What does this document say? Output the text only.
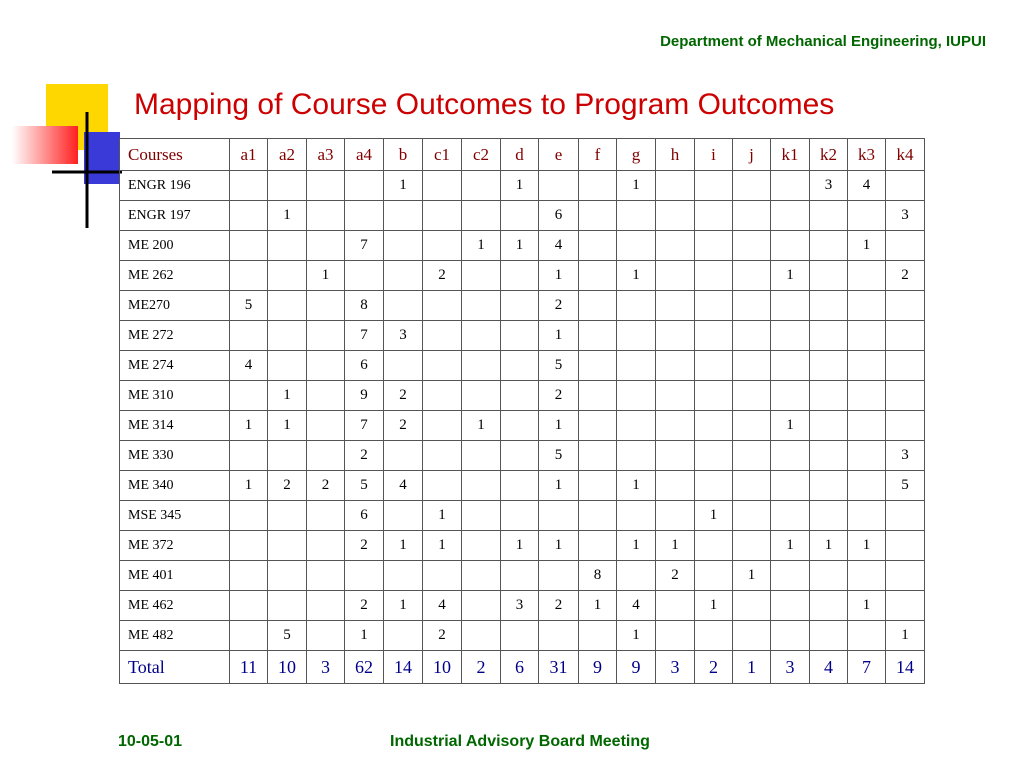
Department of Mechanical Engineering, IUPUI
Mapping of Course Outcomes to Program Outcomes
Courses	a1	a2	a3	a4	b	c1	c2	d	e	f	g	h	i	j	k1	k2	k3	k4
ENGR 196					1			1			1					3	4	
ENGR 197		1							6									3
ME 200				7			1	1	4								1	
ME 262			1			2			1		1				1			2
ME270	5			8					2									
ME 272				7	3				1									
ME 274	4			6					5									
ME 310		1		9	2				2									
ME 314	1	1		7	2		1		1						1			
ME 330				2					5									3
ME 340	1	2	2	5	4				1		1							5
MSE 345				6		1							1					
ME 372				2	1	1		1	1		1	1			1	1	1	
ME 401										8		2		1				
ME 462				2	1	4		3	2	1	4		1				1	
ME 482		5		1		2					1							1
Total	11	10	3	62	14	10	2	6	31	9	9	3	2	1	3	4	7	14
10-05-01	Industrial Advisory Board Meeting
